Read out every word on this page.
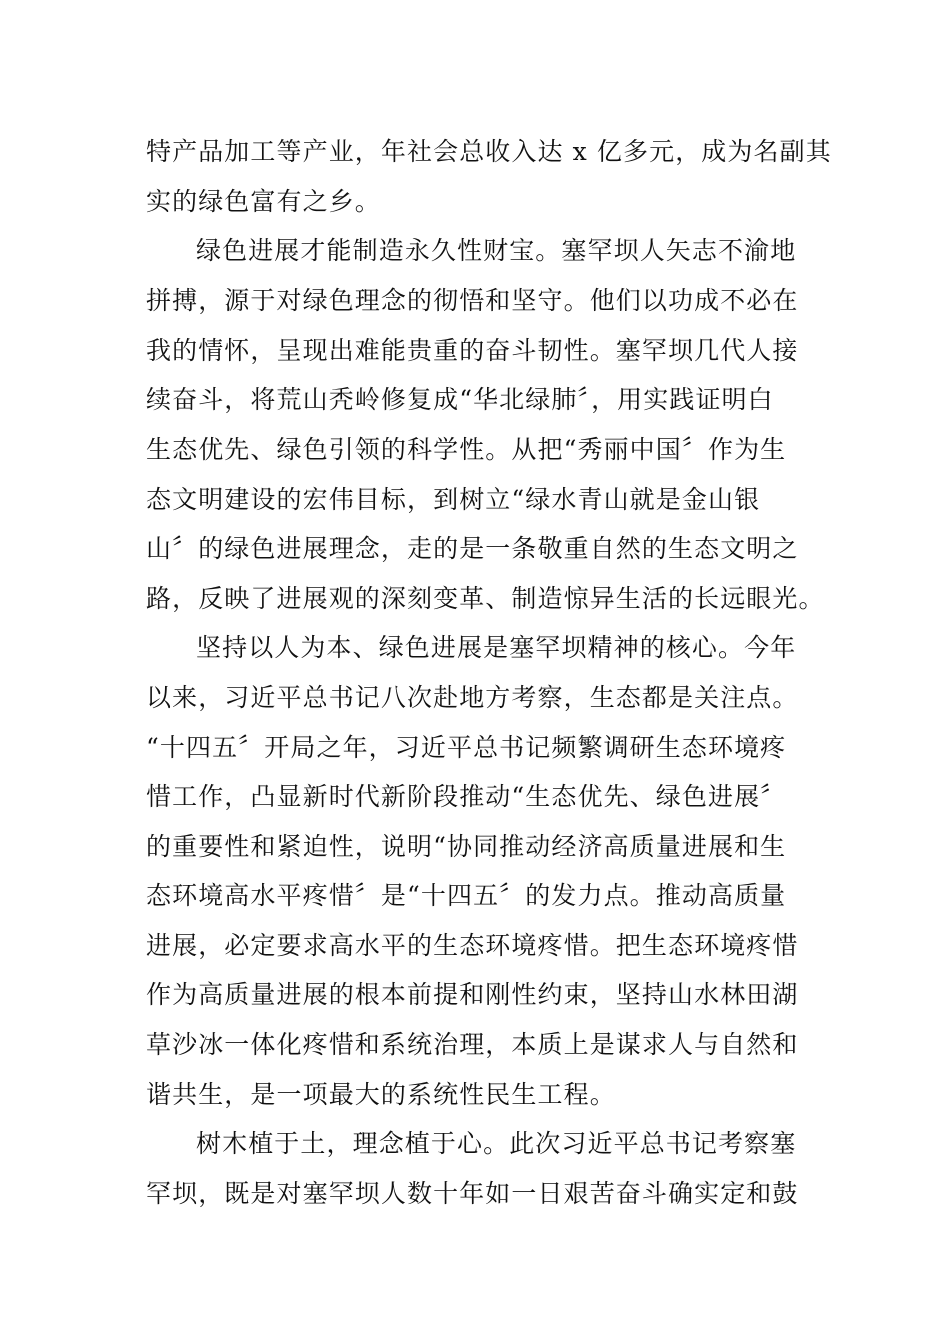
特产品加工等产业，年社会总收入达 x 亿多元，成为名副其
实的绿色富有之乡。
绿色进展才能制造永久性财宝。塞罕坝人矢志不渝地
拼搏，源于对绿色理念的彻悟和坚守。他们以功成不必在
我的情怀，呈现出难能贵重的奋斗韧性。塞罕坝几代人接
续奋斗，将荒山秃岭修复成“华北绿肺〞，用实践证明白
生态优先、绿色引领的科学性。从把“秀丽中国〞作为生
态文明建设的宏伟目标，到树立“绿水青山就是金山银
山〞的绿色进展理念，走的是一条敬重自然的生态文明之
路，反映了进展观的深刻变革、制造惊异生活的长远眼光。
坚持以人为本、绿色进展是塞罕坝精神的核心。今年
以来，习近平总书记八次赴地方考察，生态都是关注点。
“十四五〞开局之年，习近平总书记频繁调研生态环境疼
惜工作，凸显新时代新阶段推动“生态优先、绿色进展〞
的重要性和紧迫性，说明“协同推动经济高质量进展和生
态环境高水平疼惜〞是“十四五〞的发力点。推动高质量
进展，必定要求高水平的生态环境疼惜。把生态环境疼惜
作为高质量进展的根本前提和刚性约束，坚持山水林田湖
草沙冰一体化疼惜和系统治理，本质上是谋求人与自然和
谐共生，是一项最大的系统性民生工程。
树木植于土，理念植于心。此次习近平总书记考察塞
罕坝，既是对塞罕坝人数十年如一日艰苦奋斗确实定和鼓
